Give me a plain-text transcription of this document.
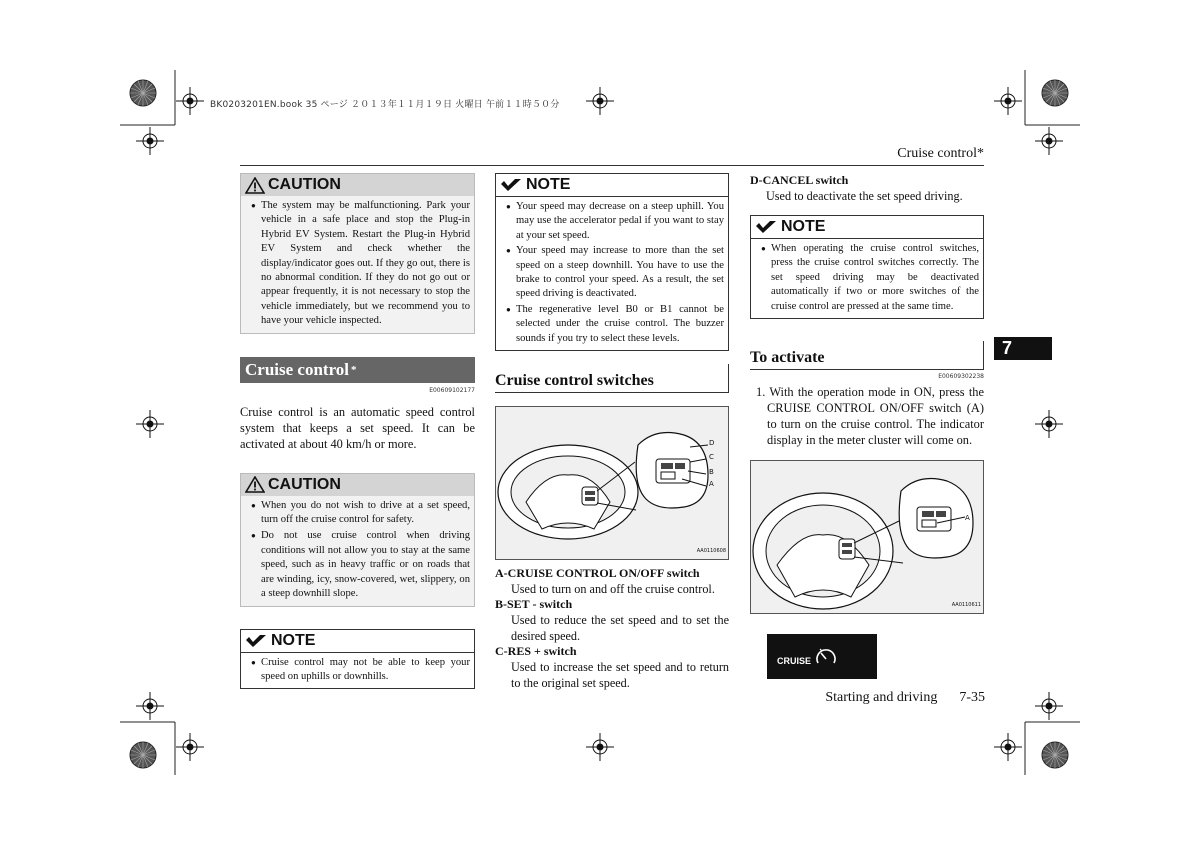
BK0203201EN.book 35 ページ ２０１３年１１月１９日 火曜日 午前１１時５０分
Cruise control*
7
CAUTION
● The system may be malfunctioning. Park your vehicle in a safe place and stop the Plug-in Hybrid EV System. Restart the Plug-in Hybrid EV System and check whether the display/indicator goes out. If they go out, there is no abnormal condition. If they do not go out or appear frequently, it is not necessary to stop the vehicle immediately, but we recommend you to have your vehicle inspected.
Cruise control *
E00609102177
Cruise control is an automatic speed control system that keeps a set speed. It can be activated at about 40 km/h or more.
CAUTION
● When you do not wish to drive at a set speed, turn off the cruise control for safety.
● Do not use cruise control when driving conditions will not allow you to stay at the same speed, such as in heavy traffic or on roads that are winding, icy, snow-covered, wet, slippery, on a steep downhill slope.
NOTE
● Cruise control may not be able to keep your speed on uphills or downhills.
NOTE
● Your speed may decrease on a steep uphill. You may use the accelerator pedal if you want to stay at your set speed.
● Your speed may increase to more than the set speed on a steep downhill. You have to use the brake to control your speed. As a result, the set speed driving is deactivated.
● The regenerative level B0 or B1 cannot be selected under the cruise control. The buzzer sounds if you try to select these levels.
Cruise control switches
D
C
B
A
AA0110608
A-CRUISE CONTROL ON/OFF switch
Used to turn on and off the cruise control.
B-SET - switch
Used to reduce the set speed and to set the desired speed.
C-RES + switch
Used to increase the set speed and to return to the original set speed.
D-CANCEL switch
Used to deactivate the set speed driving.
NOTE
● When operating the cruise control switches, press the cruise control switches correctly. The set speed driving may be deactivated automatically if two or more switches of the cruise control are pressed at the same time.
To activate
E00609302238
1. With the operation mode in ON, press the CRUISE CONTROL ON/OFF switch (A) to turn on the cruise control. The indicator display in the meter cluster will come on.
A
AA0110611
CRUISE
Starting and driving 7-35
